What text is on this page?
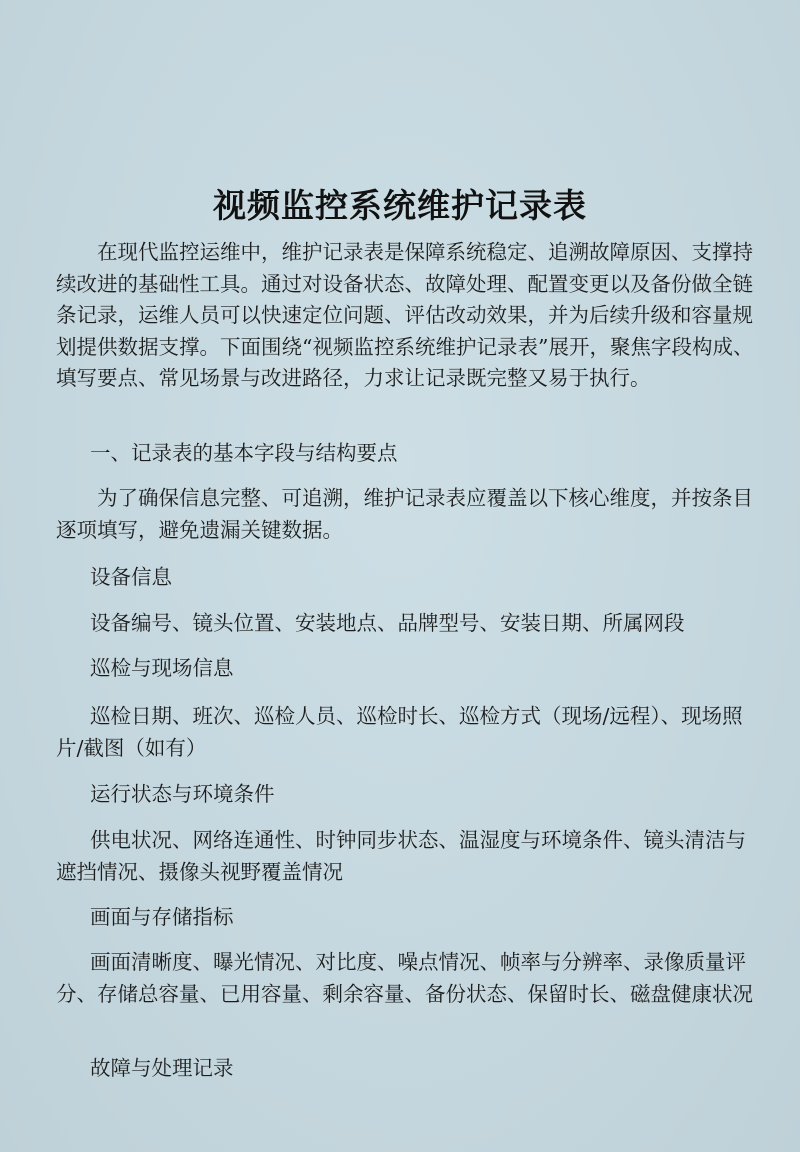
视频监控系统维护记录表

在现代监控运维中，维护记录表是保障系统稳定、追溯故障原因、支撑持续改进的基础性工具。通过对设备状态、故障处理、配置变更以及备份做全链条记录，运维人员可以快速定位问题、评估改动效果，并为后续升级和容量规划提供数据支撑。下面围绕“视频监控系统维护记录表”展开，聚焦字段构成、填写要点、常见场景与改进路径，力求让记录既完整又易于执行。

一、记录表的基本字段与结构要点

为了确保信息完整、可追溯，维护记录表应覆盖以下核心维度，并按条目逐项填写，避免遗漏关键数据。

设备信息

设备编号、镜头位置、安装地点、品牌型号、安装日期、所属网段

巡检与现场信息

巡检日期、班次、巡检人员、巡检时长、巡检方式（现场/远程）、现场照片/截图（如有）

运行状态与环境条件

供电状况、网络连通性、时钟同步状态、温湿度与环境条件、镜头清洁与遮挡情况、摄像头视野覆盖情况

画面与存储指标

画面清晰度、曝光情况、对比度、噪点情况、帧率与分辨率、录像质量评分、存储总容量、已用容量、剩余容量、备份状态、保留时长、磁盘健康状况

故障与处理记录
